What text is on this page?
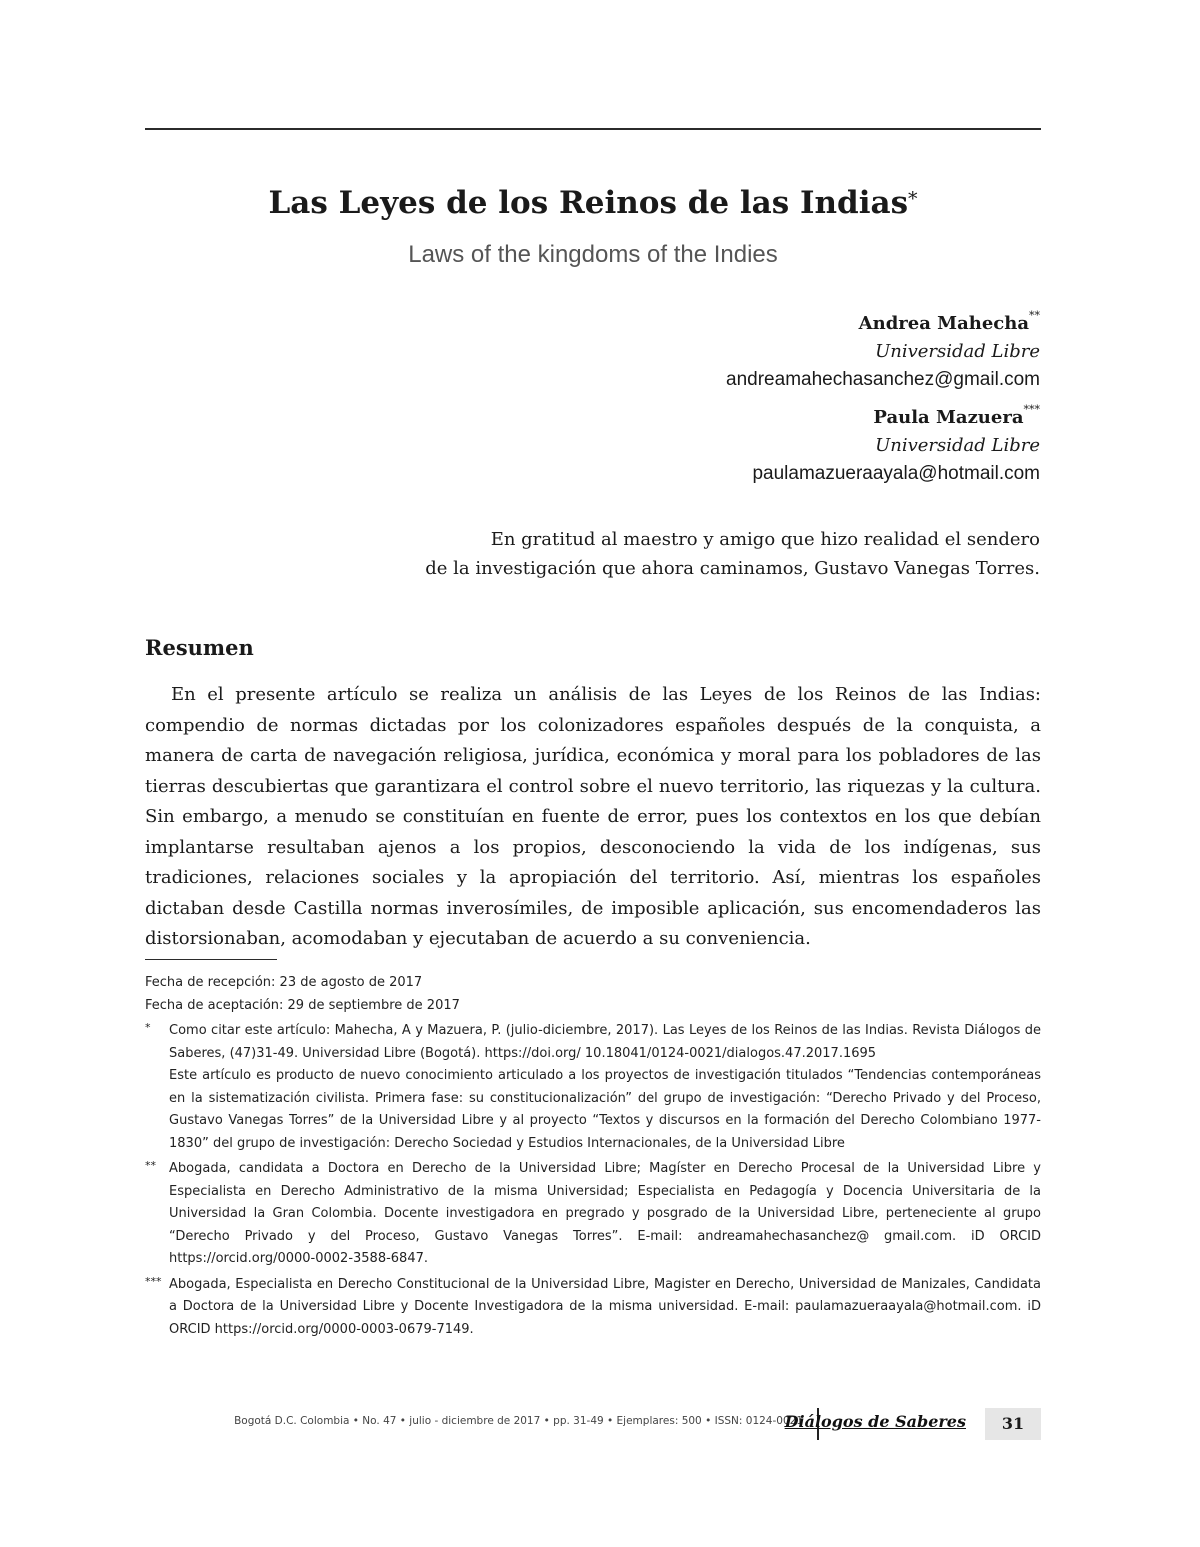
Las Leyes de los Reinos de las Indias*
Laws of the kingdoms of the Indies
Andrea Mahecha**
Universidad Libre
andreamahechasanchez@gmail.com
Paula Mazuera***
Universidad Libre
paulamazueraayala@hotmail.com
En gratitud al maestro y amigo que hizo realidad el sendero
de la investigación que ahora caminamos, Gustavo Vanegas Torres.
Resumen

En el presente artículo se realiza un análisis de las Leyes de los Reinos de las Indias: compendio de normas dictadas por los colonizadores españoles después de la conquista, a manera de carta de navegación religiosa, jurídica, económica y moral para los pobladores de las tierras descubiertas que garantizara el control sobre el nuevo territorio, las riquezas y la cultura. Sin embargo, a menudo se constituían en fuente de error, pues los contextos en los que debían implantarse resultaban ajenos a los propios, desconociendo la vida de los indígenas, sus tradiciones, relaciones sociales y la apropiación del territorio. Así, mientras los españoles dictaban desde Castilla normas inverosímiles, de imposible aplicación, sus encomendaderos las distorsionaban, acomodaban y ejecutaban de acuerdo a su conveniencia.

Fecha de recepción: 23 de agosto de 2017
Fecha de aceptación: 29 de septiembre de 2017
* Como citar este artículo: Mahecha, A y Mazuera, P. (julio-diciembre, 2017). Las Leyes de los Reinos de las Indias. Revista Diálogos de Saberes, (47)31-49. Universidad Libre (Bogotá). https://doi.org/ 10.18041/0124-0021/dialogos.47.2017.1695

Este artículo es producto de nuevo conocimiento articulado a los proyectos de investigación titulados “Tendencias contemporáneas en la sistematización civilista. Primera fase: su constitucionalización” del grupo de investigación: “Derecho Privado y del Proceso, Gustavo Vanegas Torres” de la Universidad Libre y al proyecto “Textos y discursos en la formación del Derecho Colombiano 1977-1830” del grupo de investigación: Derecho Sociedad y Estudios Internacionales, de la Universidad Libre

** Abogada, candidata a Doctora en Derecho de la Universidad Libre; Magíster en Derecho Procesal de la Universidad Libre y Especialista en Derecho Administrativo de la misma Universidad; Especialista en Pedagogía y Docencia Universitaria de la Universidad la Gran Colombia. Docente investigadora en pregrado y posgrado de la Universidad Libre, perteneciente al grupo “Derecho Privado y del Proceso, Gustavo Vanegas Torres”. E-mail: andreamahechasanchez@ gmail.com. iD ORCID https://orcid.org/0000-0002-3588-6847.

*** Abogada, Especialista en Derecho Constitucional de la Universidad Libre, Magister en Derecho, Universidad de Manizales, Candidata a Doctora de la Universidad Libre y Docente Investigadora de la misma universidad. E-mail: paulamazueraayala@hotmail.com. iD ORCID https://orcid.org/0000-0003-0679-7149.

Bogotá D.C. Colombia • No. 47 • julio - diciembre de 2017 • pp. 31-49 • Ejemplares: 500 • ISSN: 0124-0021
Diálogos de Saberes	31
